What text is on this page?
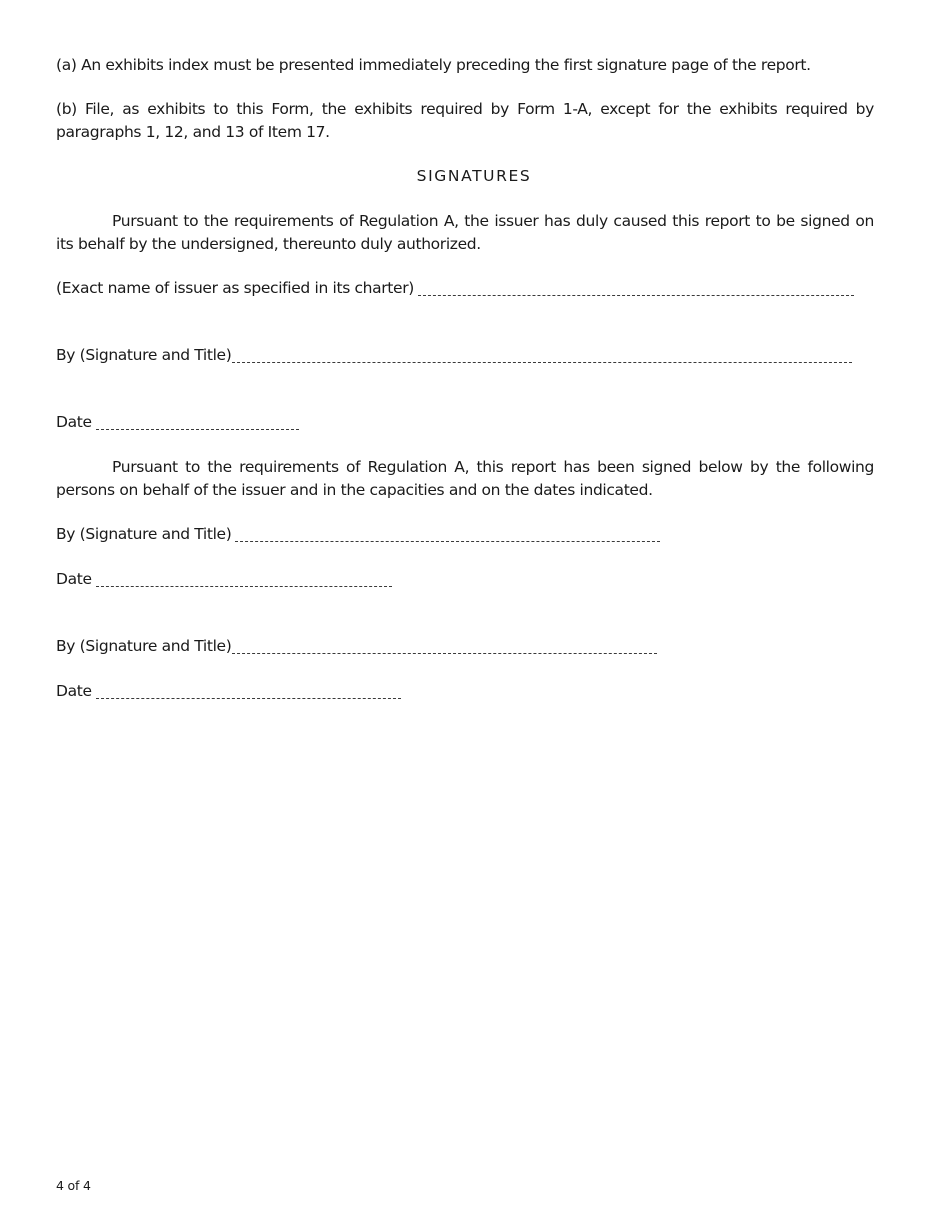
(a) An exhibits index must be presented immediately preceding the first signature page of the report.
(b) File, as exhibits to this Form, the exhibits required by Form 1-A, except for the exhibits required by paragraphs 1, 12, and 13 of Item 17.
SIGNATURES
Pursuant to the requirements of Regulation A, the issuer has duly caused this report to be signed on its behalf by the undersigned, thereunto duly authorized.
(Exact name of issuer as specified in its charter)
By (Signature and Title)
Date
Pursuant to the requirements of Regulation A, this report has been signed below by the following persons on behalf of the issuer and in the capacities and on the dates indicated.
By (Signature and Title)
Date
By (Signature and Title)
Date
4 of 4
